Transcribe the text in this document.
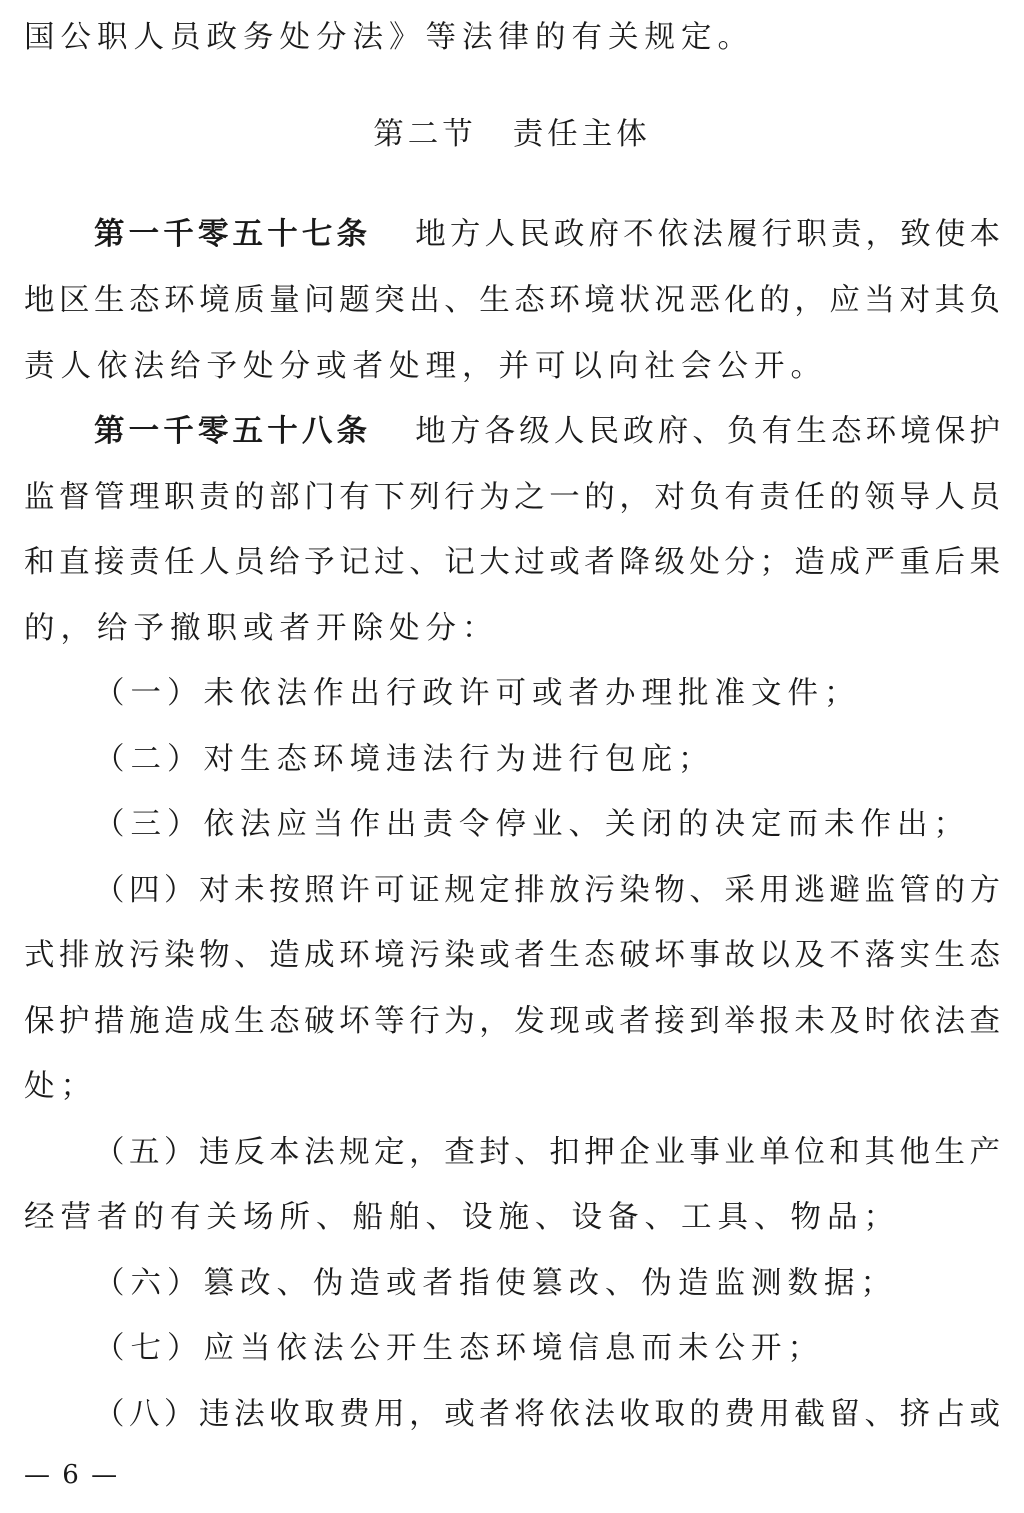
国公职人员政务处分法》等法律的有关规定。
第二节 责任主体
第一千零五十七条 地方人民政府不依法履行职责，致使本
地区生态环境质量问题突出、生态环境状况恶化的，应当对其负
责人依法给予处分或者处理，并可以向社会公开。
第一千零五十八条 地方各级人民政府、负有生态环境保护
监督管理职责的部门有下列行为之一的，对负有责任的领导人员
和直接责任人员给予记过、记大过或者降级处分；造成严重后果
的，给予撤职或者开除处分：
（一）未依法作出行政许可或者办理批准文件；
（二）对生态环境违法行为进行包庇；
（三）依法应当作出责令停业、关闭的决定而未作出；
（四）对未按照许可证规定排放污染物、采用逃避监管的方
式排放污染物、造成环境污染或者生态破坏事故以及不落实生态
保护措施造成生态破坏等行为，发现或者接到举报未及时依法查
处；
（五）违反本法规定，查封、扣押企业事业单位和其他生产
经营者的有关场所、船舶、设施、设备、工具、物品；
（六）篡改、伪造或者指使篡改、伪造监测数据；
（七）应当依法公开生态环境信息而未公开；
（八）违法收取费用，或者将依法收取的费用截留、挤占或
— 6 —
